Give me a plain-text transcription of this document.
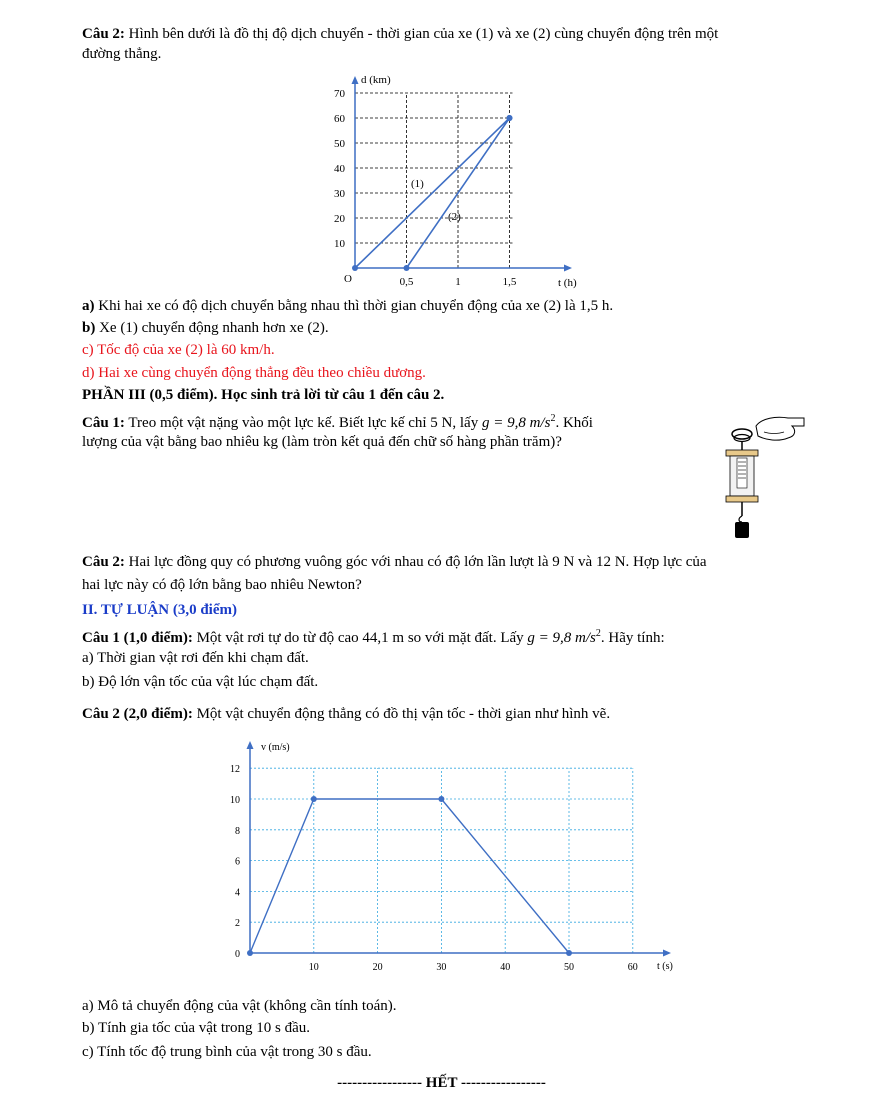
Câu 2: Hình bên dưới là đồ thị độ dịch chuyển - thời gian của xe (1) và xe (2) cùng chuyển động trên một
đường thẳng.
d (km)
t (h)
O
10
20
30
40
50
60
70
0,5	1	1,5
(1)
(2)
a) Khi hai xe có độ dịch chuyển bằng nhau thì thời gian chuyển động của xe (2) là 1,5 h.
b) Xe (1) chuyển động nhanh hơn xe (2).
c) Tốc độ của xe (2) là 60 km/h.
d) Hai xe cùng chuyển động thẳng đều theo chiều dương.
PHẦN III (0,5 điểm). Học sinh trả lời từ câu 1 đến câu 2.
Câu 1: Treo một vật nặng vào một lực kế. Biết lực kế chỉ 5 N, lấy g = 9,8 $m/s^2$. Khối
lượng của vật bằng bao nhiêu kg (làm tròn kết quả đến chữ số hàng phần trăm)?
Câu 2: Hai lực đồng quy có phương vuông góc với nhau có độ lớn lần lượt là 9 N và 12 N. Hợp lực của
hai lực này có độ lớn bằng bao nhiêu Newton?
II. TỰ LUẬN (3,0 điểm)
Câu 1 (1,0 điểm): Một vật rơi tự do từ độ cao 44,1 m so với mặt đất. Lấy g = 9,8 $m/s^2$. Hãy tính:
a) Thời gian vật rơi đến khi chạm đất.
b) Độ lớn vận tốc của vật lúc chạm đất.
Câu 2 (2,0 điểm): Một vật chuyển động thẳng có đồ thị vận tốc - thời gian như hình vẽ.
v (m/s)
t (s)
0
2
4
6
8
10
12
10	20	30	40	50	60
a) Mô tả chuyển động của vật (không cần tính toán).
b) Tính gia tốc của vật trong 10 s đầu.
c) Tính tốc độ trung bình của vật trong 30 s đầu.
----------------- HẾT -----------------
